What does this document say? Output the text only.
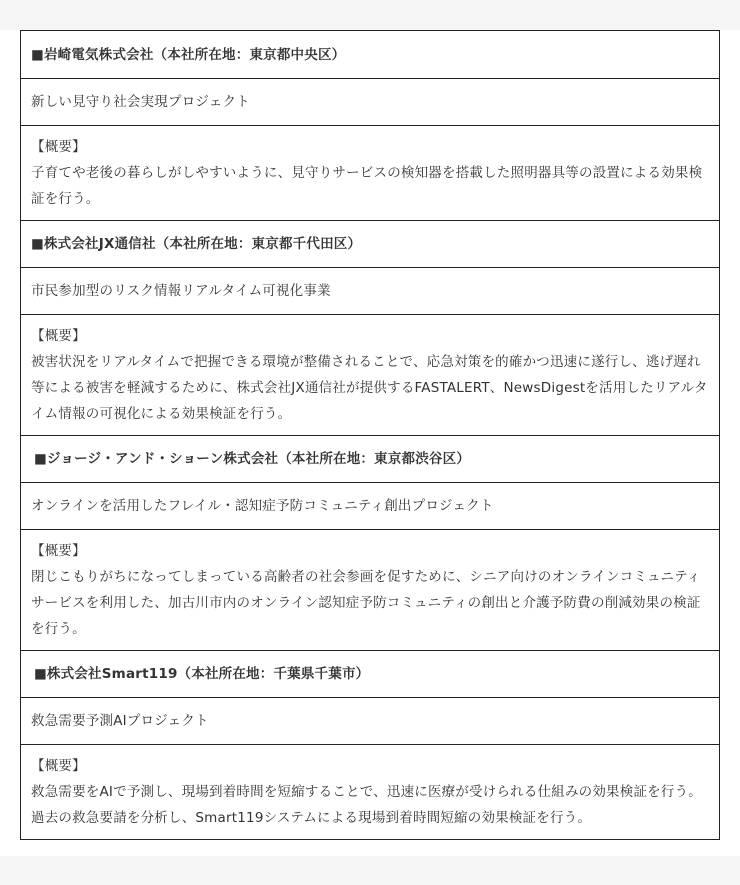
■岩崎電気株式会社（本社所在地：東京都中央区）
新しい見守り社会実現プロジェクト
【概要】
子育てや老後の暮らしがしやすいように、見守りサービスの検知器を搭載した照明器具等の設置による効果検証を行う。
■株式会社JX通信社（本社所在地：東京都千代田区）
市民参加型のリスク情報リアルタイム可視化事業
【概要】
被害状況をリアルタイムで把握できる環境が整備されることで、応急対策を的確かつ迅速に遂行し、逃げ遅れ等による被害を軽減するために、株式会社JX通信社が提供するFASTALERT、NewsDigestを活用したリアルタイム情報の可視化による効果検証を行う。
■ジョージ・アンド・ショーン株式会社（本社所在地：東京都渋谷区）
オンラインを活用したフレイル・認知症予防コミュニティ創出プロジェクト
【概要】
閉じこもりがちになってしまっている高齢者の社会参画を促すために、シニア向けのオンラインコミュニティサービスを利用した、加古川市内のオンライン認知症予防コミュニティの創出と介護予防費の削減効果の検証を行う。
■株式会社Smart119（本社所在地：千葉県千葉市）
救急需要予測AIプロジェクト
【概要】
救急需要をAIで予測し、現場到着時間を短縮することで、迅速に医療が受けられる仕組みの効果検証を行う。過去の救急要請を分析し、Smart119システムによる現場到着時間短縮の効果検証を行う。
